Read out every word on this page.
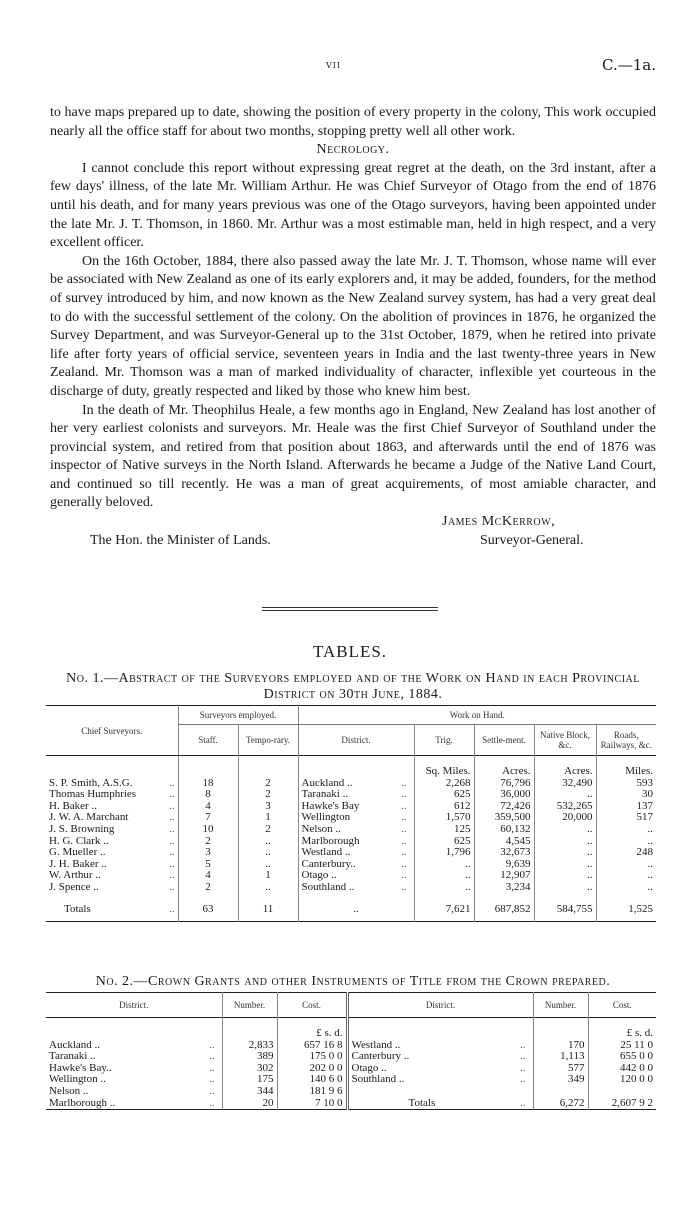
vii	C.—1a.

to have maps prepared up to date, showing the position of every property in the colony, This work occupied nearly all the office staff for about two months, stopping pretty well all other work.

Necrology.

I cannot conclude this report without expressing great regret at the death, on the 3rd instant, after a few days' illness, of the late Mr. William Arthur. He was Chief Surveyor of Otago from the end of 1876 until his death, and for many years previous was one of the Otago surveyors, having been appointed under the late Mr. J. T. Thomson, in 1860. Mr. Arthur was a most estimable man, held in high respect, and a very excellent officer.

On the 16th October, 1884, there also passed away the late Mr. J. T. Thomson, whose name will ever be associated with New Zealand as one of its early explorers and, it may be added, founders, for the method of survey introduced by him, and now known as the New Zealand survey system, has had a very great deal to do with the successful settlement of the colony. On the abolition of provinces in 1876, he organized the Survey Department, and was Surveyor-General up to the 31st October, 1879, when he retired into private life after forty years of official service, seventeen years in India and the last twenty-three years in New Zealand. Mr. Thomson was a man of marked individuality of character, inflexible yet courteous in the discharge of duty, greatly respected and liked by those who knew him best.

In the death of Mr. Theophilus Heale, a few months ago in England, New Zealand has lost another of her very earliest colonists and surveyors. Mr. Heale was the first Chief Surveyor of Southland under the provincial system, and retired from that position about 1863, and afterwards until the end of 1876 was inspector of Native surveys in the North Island. Afterwards he became a Judge of the Native Land Court, and continued so till recently. He was a man of great acquirements, of most amiable character, and generally beloved.

James McKerrow,
The Hon. the Minister of Lands.	Surveyor-General.
TABLES.
No. 1.—Abstract of the Surveyors employed and of the Work on Hand in each Provincial
District on 30th June, 1884.
Chief Surveyors.		Surveyors employed.		Work on Hand.					
		Staff.	Tempo-rary.	District.		Trig.	Settle-ment.	Native Block, &c.	Roads, Railways, &c.

						Sq. Miles.	Acres.	Acres.	Miles.
S. P. Smith, A.S.G.	..	18	2	Auckland ..	..	2,268	76,796	32,490	593
Thomas Humphries	..	8	2	Taranaki ..	..	625	36,000	..	30
H. Baker ..	..	4	3	Hawke's Bay	..	612	72,426	532,265	137
J. W. A. Marchant	..	7	1	Wellington	..	1,570	359,500	20,000	517
J. S. Browning	..	10	2	Nelson ..	..	125	60,132	..	..
H. G. Clark ..	..	2	..	Marlborough	..	625	4,545	..	..
G. Mueller ..	..	3	..	Westland ..	..	1,796	32,673	..	248
J. H. Baker ..	..	5	..	Canterbury..	..	..	9,639	..	..
W. Arthur ..	..	4	1	Otago ..	..	..	12,907	..	..
J. Spence ..	..	2	..	Southland ..	..	..	3,234	..	..

Totals	..	63	11	..		7,621	687,852	584,755	1,525
No. 2.—Crown Grants and other Instruments of Title from the Crown prepared.
District.		Number.	Cost.	District.		Number.	Cost.

			£ s. d.				£ s. d.
Auckland ..	..	2,833	657 16 8	Westland ..	..	170	25 11 0
Taranaki ..	..	389	175 0 0	Canterbury ..	..	1,113	655 0 0
Hawke's Bay..	..	302	202 0 0	Otago ..	..	577	442 0 0
Wellington ..	..	175	140 6 0	Southland ..	..	349	120 0 0
Nelson ..	..	344	181 9 6				
Marlborough ..	..	20	7 10 0	Totals	..	6,272	2,607 9 2
